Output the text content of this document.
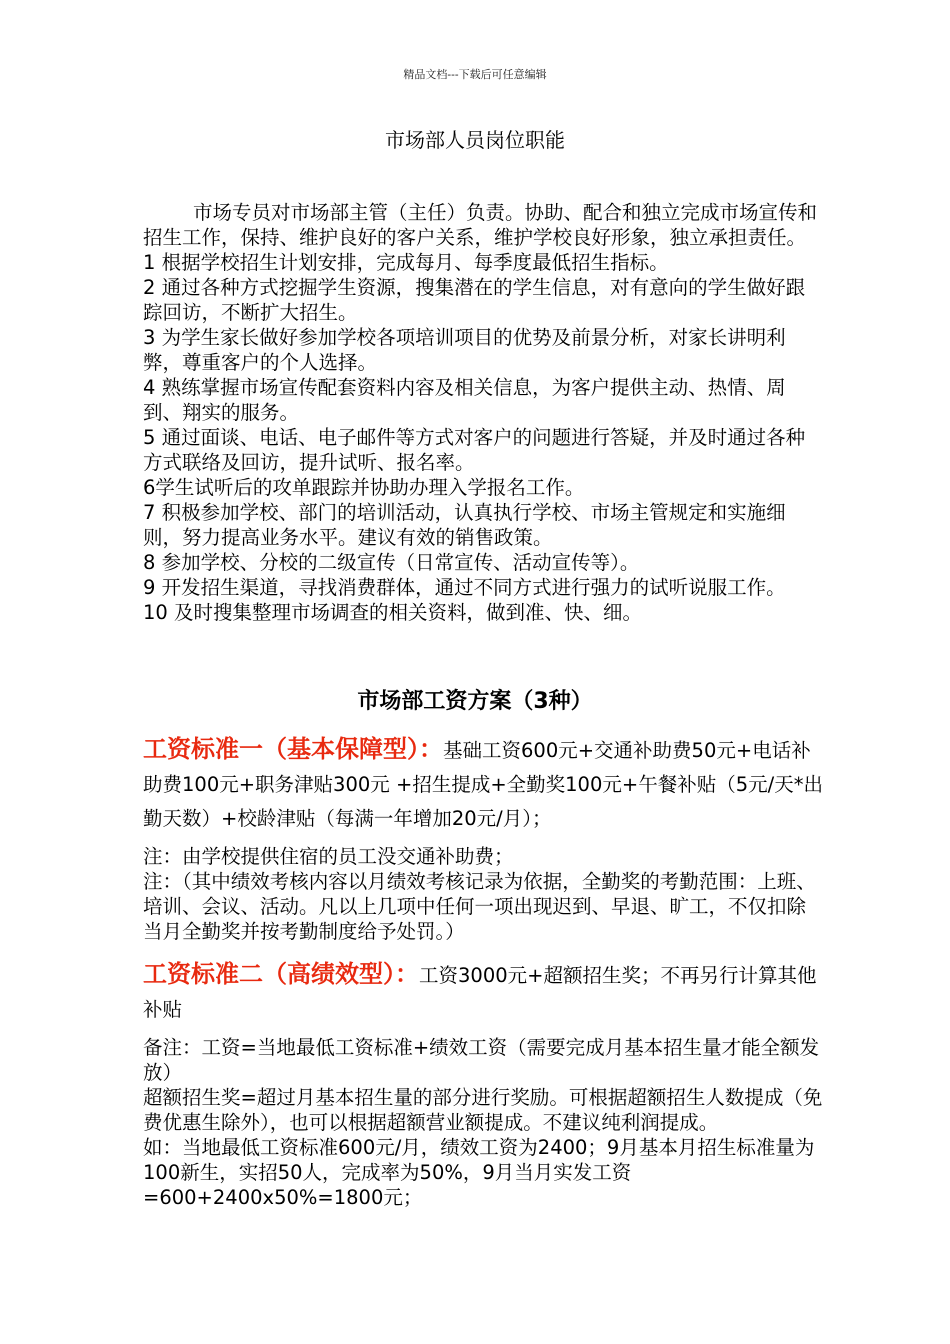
精品文档---下载后可任意编辑
市场部人员岗位职能

市场专员对市场部主管（主任）负责。协助、配合和独立完成市场宣传和招生工作，保持、维护良好的客户关系，维护学校良好形象，独立承担责任。

1 根据学校招生计划安排，完成每月、每季度最低招生指标。

2 通过各种方式挖掘学生资源，搜集潜在的学生信息，对有意向的学生做好跟踪回访，不断扩大招生。

3 为学生家长做好参加学校各项培训项目的优势及前景分析，对家长讲明利弊，尊重客户的个人选择。

4 熟练掌握市场宣传配套资料内容及相关信息，为客户提供主动、热情、周到、翔实的服务。

5 通过面谈、电话、电子邮件等方式对客户的问题进行答疑，并及时通过各种方式联络及回访，提升试听、报名率。

6学生试听后的攻单跟踪并协助办理入学报名工作。

7 积极参加学校、部门的培训活动，认真执行学校、市场主管规定和实施细则，努力提高业务水平。建议有效的销售政策。

8 参加学校、分校的二级宣传（日常宣传、活动宣传等）。

9 开发招生渠道，寻找消费群体，通过不同方式进行强力的试听说服工作。

10 及时搜集整理市场调查的相关资料，做到准、快、细。

市场部工资方案（3种）

工资标准一（基本保障型）：基础工资600元+交通补助费50元+电话补助费100元+职务津贴300元 +招生提成+全勤奖100元+午餐补贴（5元/天*出勤天数）+校龄津贴（每满一年增加20元/月）；

注：由学校提供住宿的员工没交通补助费；

注：（其中绩效考核内容以月绩效考核记录为依据，全勤奖的考勤范围：上班、培训、会议、活动。凡以上几项中任何一项出现迟到、早退、旷工，不仅扣除当月全勤奖并按考勤制度给予处罚。）

工资标准二（高绩效型）：工资3000元+超额招生奖；不再另行计算其他补贴

备注：工资=当地最低工资标准+绩效工资（需要完成月基本招生量才能全额发放）

超额招生奖=超过月基本招生量的部分进行奖励。可根据超额招生人数提成（免费优惠生除外），也可以根据超额营业额提成。不建议纯利润提成。

如：当地最低工资标准600元/月，绩效工资为2400；9月基本月招生标准量为100新生，实招50人，完成率为50%，9月当月实发工资=600+2400x50%=1800元；
